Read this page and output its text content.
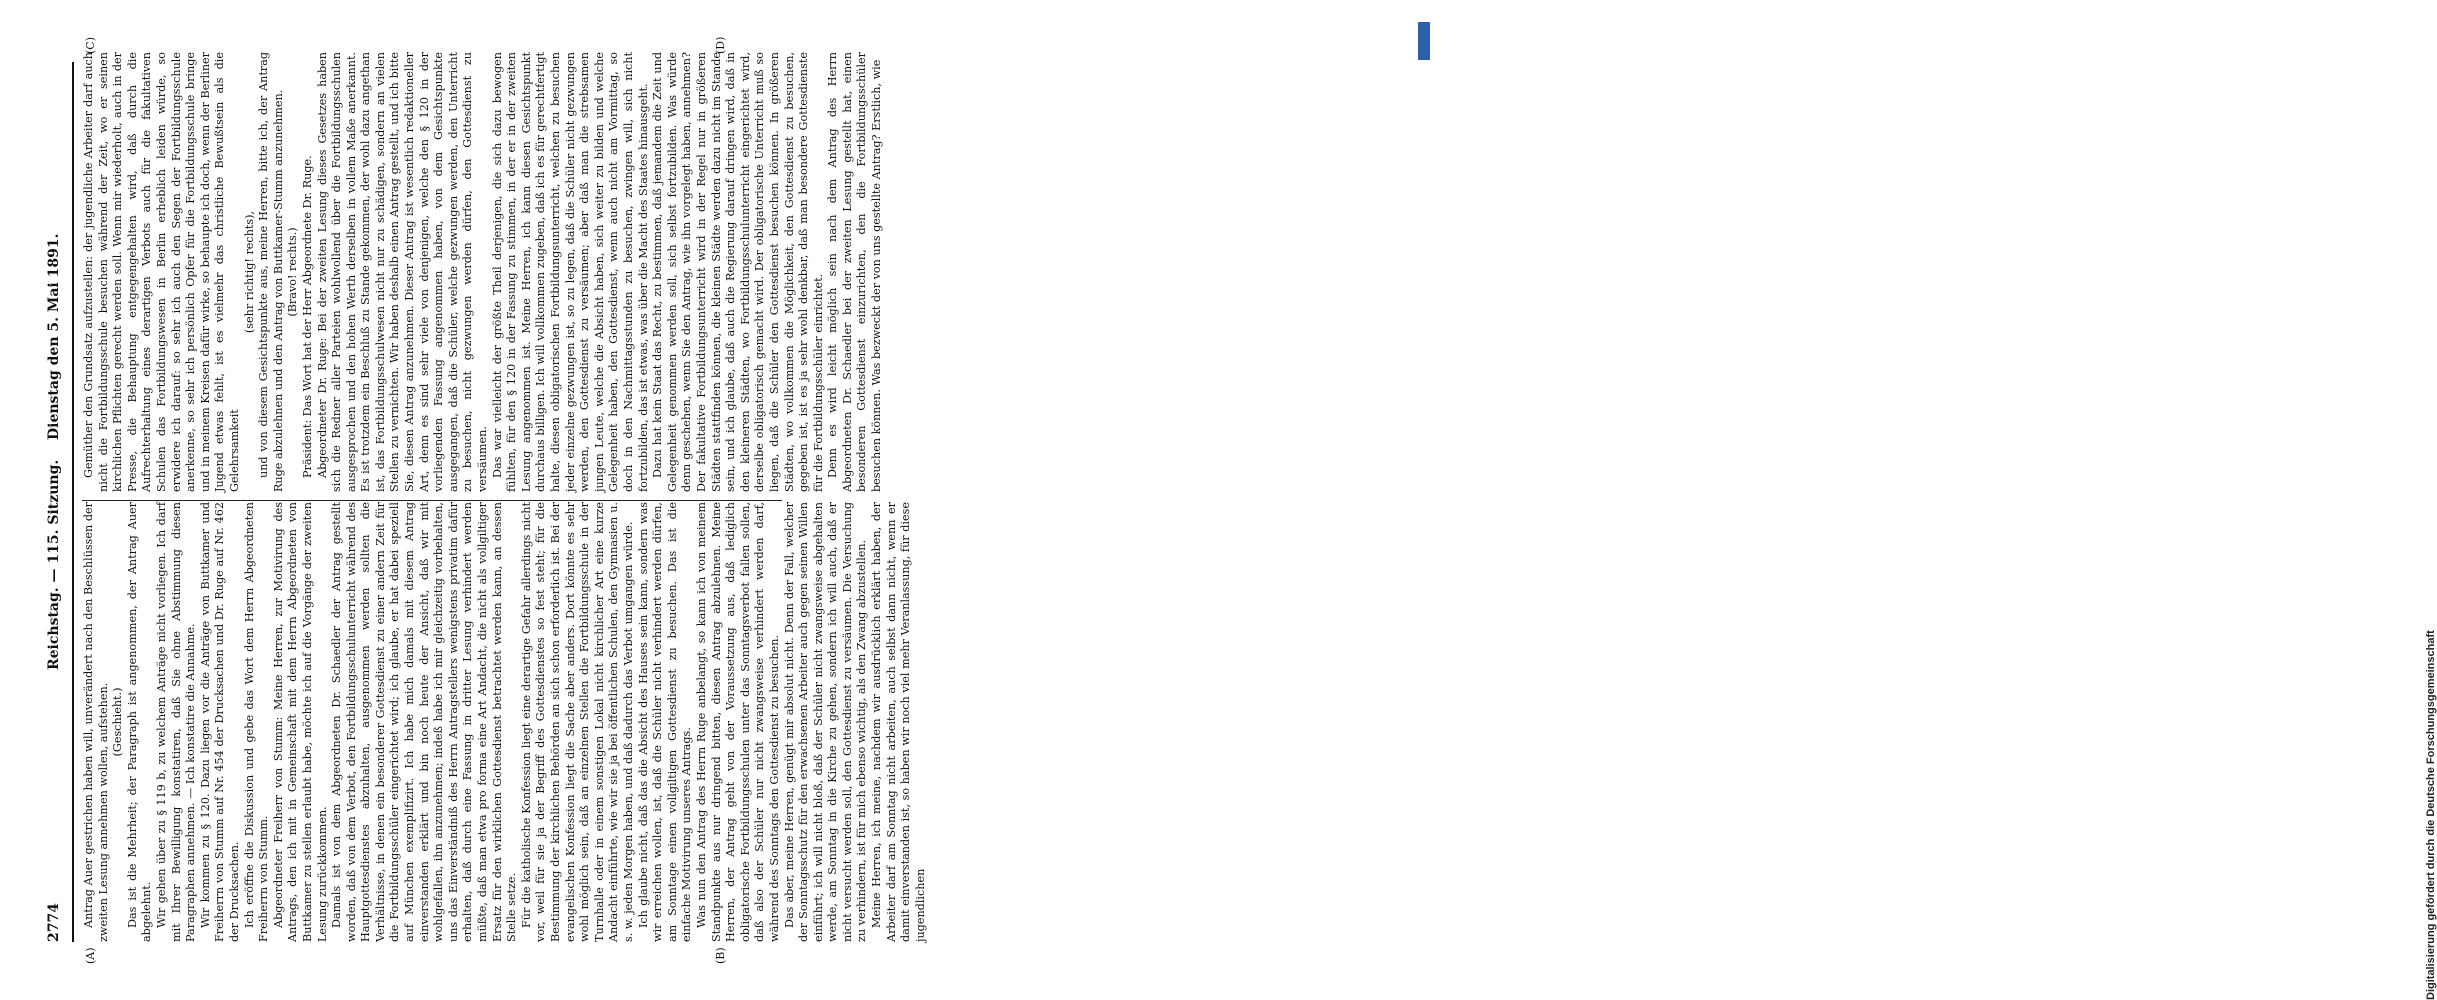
2774
Reichstag. — 115. Sitzung.
Dienstag den 5. Mai 1891.
(A)	(B)
(C)	(D)

Antrag Auer gestrichen haben will, unverändert nach den Beschlüssen der zweiten Lesung annehmen wollen, aufstehen. (Geschieht.) Das ist die Mehrheit; der Paragraph ist angenommen, der Antrag Auer abgelehnt. Wir gehen über zu § 119 b, zu welchem Anträge nicht vorliegen. Ich darf mit Ihrer Bewilligung konstatiren, daß Sie ohne Abstimmung diesen Paragraphen annehmen. — Ich konstatire die Annahme. Wir kommen zu § 120. Dazu liegen vor die Anträge von Buttkamer und Freiherrn von Stumm auf Nr. 454 der Drucksachen und Dr. Ruge auf Nr. 462 der Drucksachen. Ich eröffne die Diskussion und gebe das Wort dem Herrn Abgeordneten Freiherrn von Stumm. Abgeordneter Freiherr von Stumm: Meine Herren, zur Motivirung des Antrags, den ich mit in Gemeinschaft mit dem Herrn Abgeordneten von Buttkamer zu stellen erlaubt habe, möchte ich auf die Vorgänge der zweiten Lesung zurückkommen. Damals ist von dem Abgeordneten Dr. Schaedler der Antrag gestellt worden, daß von dem Verbot, den Fortbildungsschulunterricht während des Hauptgottesdienstes abzuhalten, ausgenommen werden sollten die Verhältnisse, in denen ein besonderer Gottesdienst zu einer andern Zeit für die Fortbildungsschüler eingerichtet wird; ich glaube, er hat dabei speziell auf München exemplifizirt. Ich habe mich damals mit diesem Antrag einverstanden erklärt und bin noch heute der Ansicht, daß wir mit wohlgefallen, ihn anzunehmen; indeß habe ich mir gleichzeitig vorbehalten, uns das Einverständniß des Herrn Antragstellers wenigstens privatim dafür erhalten, daß durch eine Fassung in dritter Lesung verhindert werden müßte, daß man etwa pro forma eine Art Andacht, die nicht als vollgiltiger Ersatz für den wirklichen Gottesdienst betrachtet werden kann, an dessen Stelle setze. Für die katholische Konfession liegt eine derartige Gefahr allerdings nicht vor, weil für sie ja der Begriff des Gottesdienstes so fest steht; für die Bestimmung der kirchlichen Behörden an sich schon erforderlich ist. Bei der evangelischen Konfession liegt die Sache aber anders. Dort könnte es sehr wohl möglich sein, daß an einzelnen Stellen die Fortbildungsschule in der Turnhalle oder in einem sonstigen Lokal nicht kirchlicher Art eine kurze Andacht einführte, wie wir sie ja bei öffentlichen Schulen, den Gymnasien u. s. w. jeden Morgen haben, und daß dadurch das Verbot umgangen würde. Ich glaube nicht, daß das die Absicht des Hauses sein kann, sondern was wir erreichen wollen, ist, daß die Schüler nicht verhindert werden dürfen, am Sonntage einen vollgiltigen Gottesdienst zu besuchen. Das ist die einfache Motivirung unseres Antrags. Was nun den Antrag des Herrn Ruge anbelangt, so kann ich von meinem Standpunkte aus nur dringend bitten, diesen Antrag abzulehnen. Meine Herren, der Antrag geht von der Voraussetzung aus, daß lediglich obligatorische Fortbildungsschulen unter das Sonntagsverbot fallen sollen, daß also der Schüler nur nicht zwangsweise verhindert werden darf, während des Sonntags den Gottesdienst zu besuchen. Das aber, meine Herren, genügt mir absolut nicht. Denn der Fall, welcher der Sonntagsschutz für den erwachsenen Arbeiter auch gegen seinen Willen einführt; ich will nicht bloß, daß der Schüler nicht zwangsweise abgehalten werde, am Sonntag in die Kirche zu gehen, sondern ich will auch, daß er nicht versucht werden soll, den Gottesdienst zu versäumen. Die Versuchung zu verhindern, ist für mich ebenso wichtig, als den Zwang abzustellen. Meine Herren, ich meine, nachdem wir ausdrücklich erklärt haben, der Arbeiter darf am Sonntag nicht arbeiten, auch selbst dann nicht, wenn er damit einverstanden ist, so haben wir noch viel mehr Veranlassung, für diese jugendlichen

Gemüther den Grundsatz aufzustellen: der jugendliche Arbeiter darf auch nicht die Fortbildungsschule besuchen während der Zeit, wo er seinen kirchlichen Pflichten gerecht werden soll. Wenn mir wiederholt, auch in der Presse, die Behauptung entgegengehalten wird, daß durch die Aufrechterhaltung eines derartigen Verbots auch für die fakultativen Schulen das Fortbildungswesen in Berlin erheblich leiden würde, so erwidere ich darauf: so sehr ich auch den Segen der Fortbildungsschule anerkenne, so sehr ich persönlich Opfer für die Fortbildungsschule bringe und in meinem Kreisen dafür wirke, so behaupte ich doch, wenn der Berliner Jugend etwas fehlt, ist es vielmehr das christliche Bewußtsein als die Gelehrsamkeit

(sehr richtig! rechts), und von diesem Gesichtspunkte aus, meine Herren, bitte ich, der Antrag Ruge abzulehnen und den Antrag von Buttkamer-Stumm anzunehmen. (Bravo! rechts.) Präsident: Das Wort hat der Herr Abgeordnete Dr. Ruge. Abgeordneter Dr. Ruge: Bei der zweiten Lesung dieses Gesetzes haben sich die Redner aller Parteien wohlwollend über die Fortbildungsschulen ausgesprochen und den hohen Werth derselben in vollem Maße anerkannt. Es ist trotzdem ein Beschluß zu Stande gekommen, der wohl dazu angethan ist, das Fortbildungsschulwesen nicht nur zu schädigen, sondern an vielen Stellen zu vernichten. Wir haben deshalb einen Antrag gestellt, und ich bitte Sie, diesen Antrag anzunehmen. Dieser Antrag ist wesentlich redaktioneller Art, denn es sind sehr viele von denjenigen, welche den § 120 in der vorliegenden Fassung angenommen haben, von dem Gesichtspunkte ausgegangen, daß die Schüler, welche gezwungen werden, den Unterricht zu besuchen, nicht gezwungen werden dürfen, den Gottesdienst zu versäumen. Das war vielleicht der größte Theil derjenigen, die sich dazu bewogen fühlten, für den § 120 in der Fassung zu stimmen, in der er in der zweiten Lesung angenommen ist. Meine Herren, ich kann diesen Gesichtspunkt durchaus billigen. Ich will vollkommen zugeben, daß ich es für gerechtfertigt halte, diesen obligatorischen Fortbildungsunterricht, welchen zu besuchen jeder einzelne gezwungen ist, so zu legen, daß die Schüler nicht gezwungen werden, den Gottesdienst zu versäumen; aber daß man die strebsamen jungen Leute, welche die Absicht haben, sich weiter zu bilden und welche Gelegenheit haben, den Gottesdienst, wenn auch nicht am Vormittag, so doch in den Nachmittagsstunden zu besuchen, zwingen will, sich nicht fortzubilden, das ist etwas, was über die Macht des Staates hinausgeht. Dazu hat kein Staat das Recht, zu bestimmen, daß jemandem die Zeit und Gelegenheit genommen werden soll, sich selbst fortzubilden. Was würde denn geschehen, wenn Sie den Antrag, wie ihn vorgelegt haben, annehmen? Der fakultative Fortbildungsunterricht wird in der Regel nur in größeren Städten stattfinden können, die kleinen Städte werden dazu nicht im Stande sein, und ich glaube, daß auch die Regierung darauf dringen wird, daß in den kleineren Städten, wo Fortbildungsschulunterricht eingerichtet wird, derselbe obligatorisch gemacht wird. Der obligatorische Unterricht muß so liegen, daß die Schüler den Gottesdienst besuchen können. In größeren Städten, wo vollkommen die Möglichkeit, den Gottesdienst zu besuchen, gegeben ist, ist es ja sehr wohl denkbar, daß man besondere Gottesdienste für die Fortbildungsschüler einrichtet. Denn es wird leicht möglich sein nach dem Antrag des Herrn Abgeordneten Dr. Schaedler bei der zweiten Lesung gestellt hat, einen besonderen Gottesdienst einzurichten, den die Fortbildungsschüler besuchen können. Was bezweckt der von uns gestellte Antrag? Erstlich, wie

Digitalisierung gefördert durch die Deutsche Forschungsgemeinschaft
DFG
